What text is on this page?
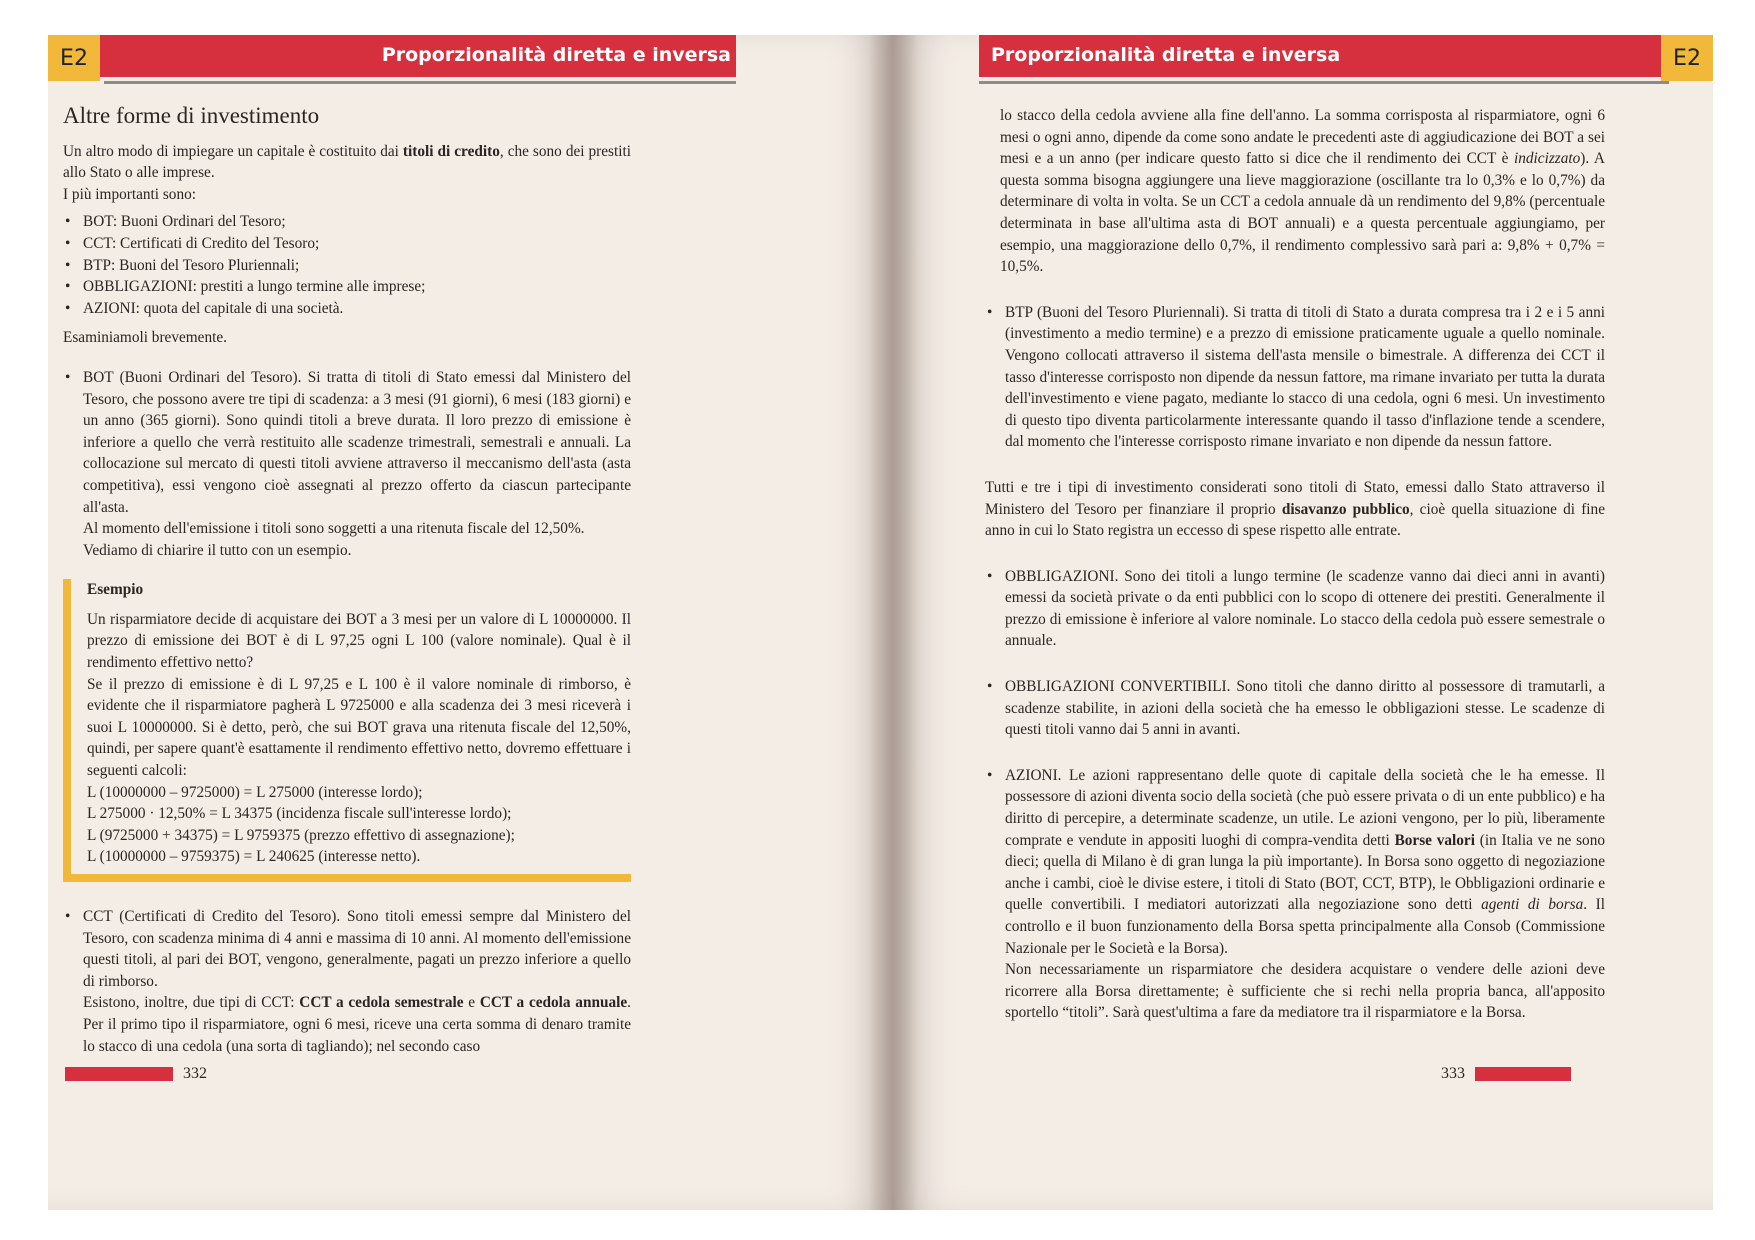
E2	Proporzionalità diretta e inversa
Altre forme di investimento

Un altro modo di impiegare un capitale è costituito dai titoli di credito, che sono dei prestiti allo Stato o alle imprese.

I più importanti sono:

• BOT: Buoni Ordinari del Tesoro;
• CCT: Certificati di Credito del Tesoro;
• BTP: Buoni del Tesoro Pluriennali;
• OBBLIGAZIONI: prestiti a lungo termine alle imprese;
• AZIONI: quota del capitale di una società.

Esaminiamoli brevemente.

• BOT (Buoni Ordinari del Tesoro). Si tratta di titoli di Stato emessi dal Ministero del Tesoro, che possono avere tre tipi di scadenza: a 3 mesi (91 giorni), 6 mesi (183 giorni) e un anno (365 giorni). Sono quindi titoli a breve durata. Il loro prezzo di emissione è inferiore a quello che verrà restituito alle scadenze trimestrali, semestrali e annuali. La collocazione sul mercato di questi titoli avviene attraverso il meccanismo dell'asta (asta competitiva), essi vengono cioè assegnati al prezzo offerto da ciascun partecipante all'asta.

Al momento dell'emissione i titoli sono soggetti a una ritenuta fiscale del 12,50%.

Vediamo di chiarire il tutto con un esempio.

Esempio

Un risparmiatore decide di acquistare dei BOT a 3 mesi per un valore di L 10000000. Il prezzo di emissione dei BOT è di L 97,25 ogni L 100 (valore nominale). Qual è il rendimento effettivo netto?

Se il prezzo di emissione è di L 97,25 e L 100 è il valore nominale di rimborso, è evidente che il risparmiatore pagherà L 9725000 e alla scadenza dei 3 mesi riceverà i suoi L 10000000. Si è detto, però, che sui BOT grava una ritenuta fiscale del 12,50%, quindi, per sapere quant'è esattamente il rendimento effettivo netto, dovremo effettuare i seguenti calcoli:

L (10000000 – 9725000) = L 275000 (interesse lordo);

L 275000 · 12,50% = L 34375 (incidenza fiscale sull'interesse lordo);

L (9725000 + 34375) = L 9759375 (prezzo effettivo di assegnazione);

L (10000000 – 9759375) = L 240625 (interesse netto).

• CCT (Certificati di Credito del Tesoro). Sono titoli emessi sempre dal Ministero del Tesoro, con scadenza minima di 4 anni e massima di 10 anni. Al momento dell'emissione questi titoli, al pari dei BOT, vengono, generalmente, pagati un prezzo inferiore a quello di rimborso.

Esistono, inoltre, due tipi di CCT: CCT a cedola semestrale e CCT a cedola annuale. Per il primo tipo il risparmiatore, ogni 6 mesi, riceve una certa somma di denaro tramite lo stacco di una cedola (una sorta di tagliando); nel secondo caso

332
Proporzionalità diretta e inversa	E2

lo stacco della cedola avviene alla fine dell'anno. La somma corrisposta al risparmiatore, ogni 6 mesi o ogni anno, dipende da come sono andate le precedenti aste di aggiudicazione dei BOT a sei mesi e a un anno (per indicare questo fatto si dice che il rendimento dei CCT è indicizzato). A questa somma bisogna aggiungere una lieve maggiorazione (oscillante tra lo 0,3% e lo 0,7%) da determinare di volta in volta. Se un CCT a cedola annuale dà un rendimento del 9,8% (percentuale determinata in base all'ultima asta di BOT annuali) e a questa percentuale aggiungiamo, per esempio, una maggiorazione dello 0,7%, il rendimento complessivo sarà pari a: 9,8% + 0,7% = 10,5%.

• BTP (Buoni del Tesoro Pluriennali). Si tratta di titoli di Stato a durata compresa tra i 2 e i 5 anni (investimento a medio termine) e a prezzo di emissione praticamente uguale a quello nominale. Vengono collocati attraverso il sistema dell'asta mensile o bimestrale. A differenza dei CCT il tasso d'interesse corrisposto non dipende da nessun fattore, ma rimane invariato per tutta la durata dell'investimento e viene pagato, mediante lo stacco di una cedola, ogni 6 mesi. Un investimento di questo tipo diventa particolarmente interessante quando il tasso d'inflazione tende a scendere, dal momento che l'interesse corrisposto rimane invariato e non dipende da nessun fattore.

Tutti e tre i tipi di investimento considerati sono titoli di Stato, emessi dallo Stato attraverso il Ministero del Tesoro per finanziare il proprio disavanzo pubblico, cioè quella situazione di fine anno in cui lo Stato registra un eccesso di spese rispetto alle entrate.

• OBBLIGAZIONI. Sono dei titoli a lungo termine (le scadenze vanno dai dieci anni in avanti) emessi da società private o da enti pubblici con lo scopo di ottenere dei prestiti. Generalmente il prezzo di emissione è inferiore al valore nominale. Lo stacco della cedola può essere semestrale o annuale.

• OBBLIGAZIONI CONVERTIBILI. Sono titoli che danno diritto al possessore di tramutarli, a scadenze stabilite, in azioni della società che ha emesso le obbligazioni stesse. Le scadenze di questi titoli vanno dai 5 anni in avanti.

• AZIONI. Le azioni rappresentano delle quote di capitale della società che le ha emesse. Il possessore di azioni diventa socio della società (che può essere privata o di un ente pubblico) e ha diritto di percepire, a determinate scadenze, un utile. Le azioni vengono, per lo più, liberamente comprate e vendute in appositi luoghi di compra-vendita detti Borse valori (in Italia ve ne sono dieci; quella di Milano è di gran lunga la più importante). In Borsa sono oggetto di negoziazione anche i cambi, cioè le divise estere, i titoli di Stato (BOT, CCT, BTP), le Obbligazioni ordinarie e quelle convertibili. I mediatori autorizzati alla negoziazione sono detti agenti di borsa. Il controllo e il buon funzionamento della Borsa spetta principalmente alla Consob (Commissione Nazionale per le Società e la Borsa).

Non necessariamente un risparmiatore che desidera acquistare o vendere delle azioni deve ricorrere alla Borsa direttamente; è sufficiente che si rechi nella propria banca, all'apposito sportello “titoli”. Sarà quest'ultima a fare da mediatore tra il risparmiatore e la Borsa.

333
